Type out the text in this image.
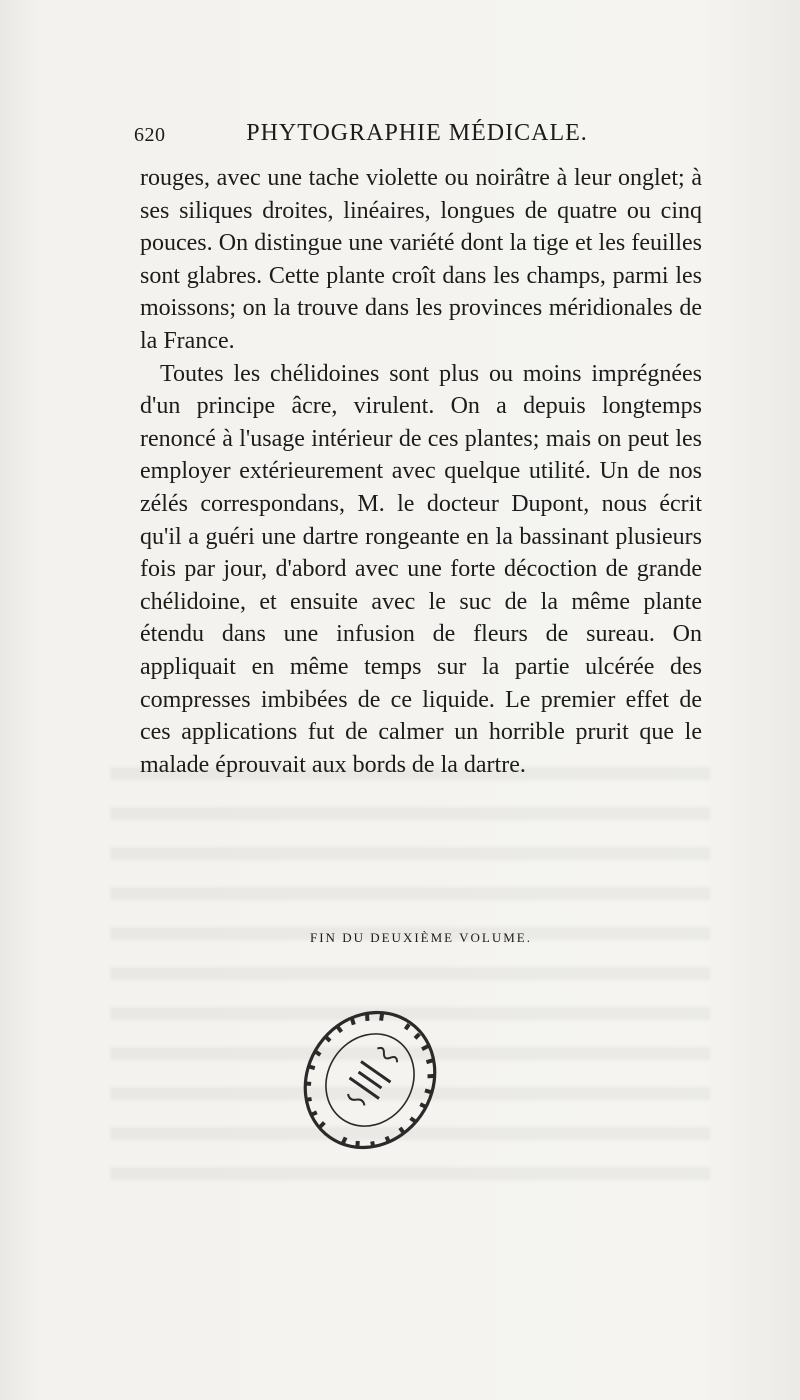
620	PHYTOGRAPHIE MÉDICALE.

rouges, avec une tache violette ou noirâtre à leur onglet; à ses siliques droites, linéaires, longues de quatre ou cinq pouces. On distingue une variété dont la tige et les feuilles sont glabres. Cette plante croît dans les champs, parmi les moissons; on la trouve dans les provinces méridionales de la France.

Toutes les chélidoines sont plus ou moins imprégnées d'un principe âcre, virulent. On a depuis longtemps renoncé à l'usage intérieur de ces plantes; mais on peut les employer extérieurement avec quelque utilité. Un de nos zélés correspondans, M. le docteur Dupont, nous écrit qu'il a guéri une dartre rongeante en la bassinant plusieurs fois par jour, d'abord avec une forte décoction de grande chélidoine, et ensuite avec le suc de la même plante étendu dans une infusion de fleurs de sureau. On appliquait en même temps sur la partie ulcérée des compresses imbibées de ce liquide. Le premier effet de ces applications fut de calmer un horrible prurit que le malade éprouvait aux bords de la dartre.

FIN DU DEUXIÈME VOLUME.
